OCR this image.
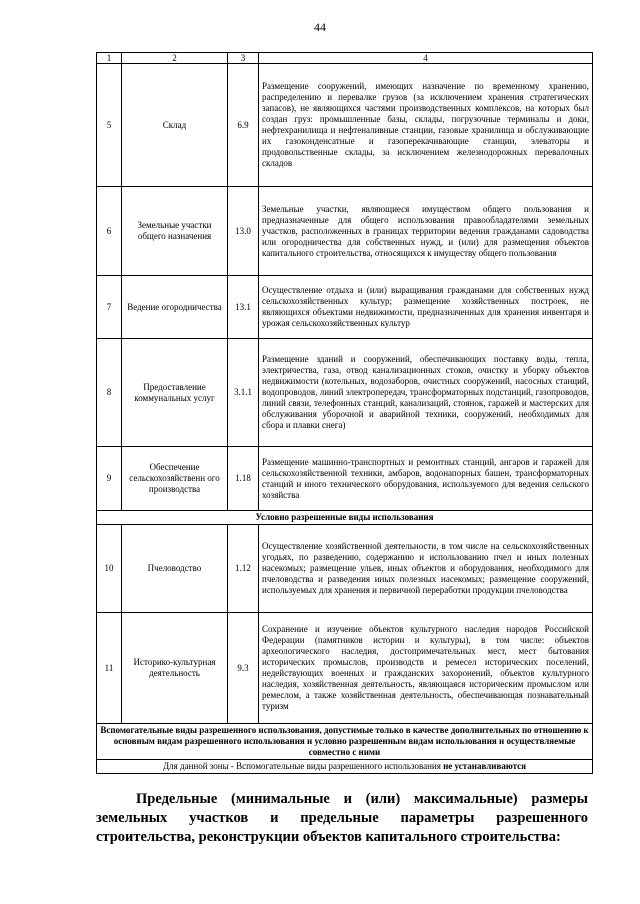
44
1	2	3	4
5	Склад	6.9	Размещение сооружений, имеющих назначение по временному хранению, распределению и перевалке грузов (за исключением хранения стратегических запасов), не являющихся частями производственных комплексов, на которых был создан груз: промышленные базы, склады, погрузочные терминалы и доки, нефтехранилища и нефтеналивные станции, газовые хранилища и обслуживающие их газоконденсатные и газоперекачивающие станции, элеваторы и продовольственные склады, за исключением железнодорожных перевалочных складов
6	Земельные участки общего назначения	13.0	Земельные участки, являющиеся имуществом общего пользования и предназначенные для общего использования правообладателями земельных участков, расположенных в границах территории ведения гражданами садоводства или огородничества для собственных нужд, и (или) для размещения объектов капитального строительства, относящихся к имуществу общего пользования
7	Ведение огородничества	13.1	Осуществление отдыха и (или) выращивания гражданами для собственных нужд сельскохозяйственных культур; размещение хозяйственных построек, не являющихся объектами недвижимости, предназначенных для хранения инвентаря и урожая сельскохозяйственных культур
8	Предоставление коммунальных услуг	3.1.1	Размещение зданий и сооружений, обеспечивающих поставку воды, тепла, электричества, газа, отвод канализационных стоков, очистку и уборку объектов недвижимости (котельных, водозаборов, очистных сооружений, насосных станций, водопроводов, линий электропередач, трансформаторных подстанций, газопроводов, линий связи, телефонных станций, канализаций, стоянок, гаражей и мастерских для обслуживания уборочной и аварийной техники, сооружений, необходимых для сбора и плавки снега)
9	Обеспечение сельскохозяйственн ого производства	1.18	Размещение машинно-транспортных и ремонтных станций, ангаров и гаражей для сельскохозяйственной техники, амбаров, водонапорных башен, трансформаторных станций и иного технического оборудования, используемого для ведения сельского хозяйства
Условно разрешенные виды использования			
10	Пчеловодство	1.12	Осуществление хозяйственной деятельности, в том числе на сельскохозяйственных угодьях, по разведению, содержанию и использованию пчел и иных полезных насекомых; размещение ульев, иных объектов и оборудования, необходимого для пчеловодства и разведения иных полезных насекомых; размещение сооружений, используемых для хранения и первичной переработки продукции пчеловодства
11	Историко-культурная деятельность	9.3	Сохранение и изучение объектов культурного наследия народов Российской Федерации (памятников истории и культуры), в том числе: объектов археологического наследия, достопримечательных мест, мест бытования исторических промыслов, производств и ремесел исторических поселений, недействующих военных и гражданских захоронений, объектов культурного наследия, хозяйственная деятельность, являющаяся историческим промыслом или ремеслом, а также хозяйственная деятельность, обеспечивающая познавательный туризм
Вспомогательные виды разрешенного использования, допустимые только в качестве дополнительных по отношению к основным видам разрешенного использования и условно разрешенным видам использования и осуществляемые совместно с ними			
Для данной зоны - Вспомогательные виды разрешенного использования не устанавливаются			
Предельные (минимальные и (или) максимальные) размеры земельных участков и предельные параметры разрешенного строительства, реконструкции объектов капитального строительства:
